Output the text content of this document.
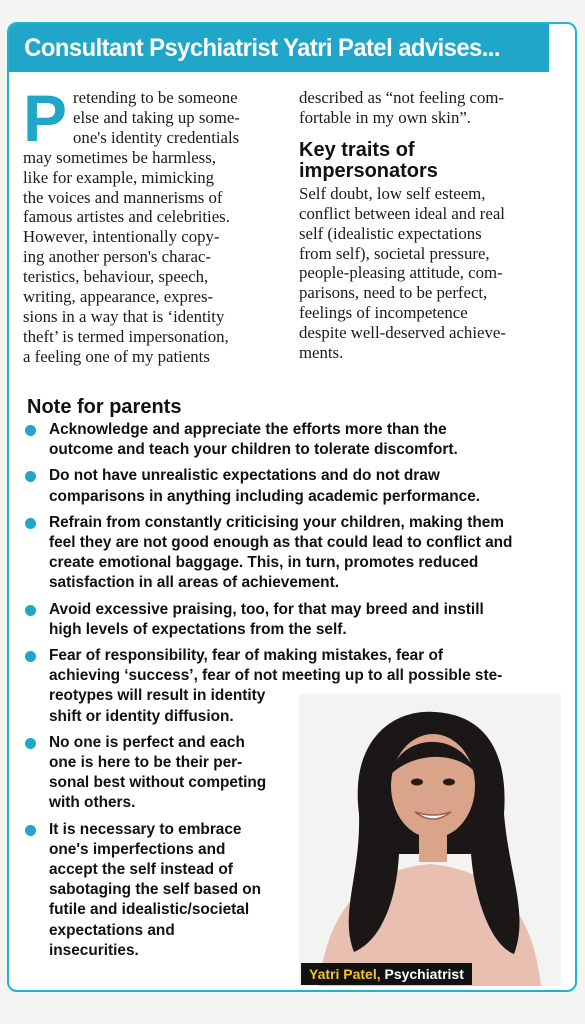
Consultant Psychiatrist Yatri Patel advises...
P retending to be someone
else and taking up some-
one's identity credentials
may sometimes be harmless,
like for example, mimicking
the voices and mannerisms of
famous artistes and celebrities.
However, intentionally copy-
ing another person's charac-
teristics, behaviour, speech,
writing, appearance, expres-
sions in a way that is ‘identity
theft’ is termed impersonation,
a feeling one of my patients
described as “not feeling com-
fortable in my own skin”.
Key traits of
impersonators
Self doubt, low self esteem,
conflict between ideal and real
self (idealistic expectations
from self), societal pressure,
people-pleasing attitude, com-
parisons, need to be perfect,
feelings of incompetence
despite well-deserved achieve-
ments.
Note for parents
Acknowledge and appreciate the efforts more than the
outcome and teach your children to tolerate discomfort.
Do not have unrealistic expectations and do not draw
comparisons in anything including academic performance.
Refrain from constantly criticising your children, making them
feel they are not good enough as that could lead to conflict and
create emotional baggage. This, in turn, promotes reduced
satisfaction in all areas of achievement.
Avoid excessive praising, too, for that may breed and instill
high levels of expectations from the self.
Fear of responsibility, fear of making mistakes, fear of
achieving ‘success’, fear of not meeting up to all possible ste-
reotypes will result in identity
shift or identity diffusion.
No one is perfect and each
one is here to be their per-
sonal best without competing
with others.
It is necessary to embrace
one's imperfections and
accept the self instead of
sabotaging the self based on
futile and idealistic/societal
expectations and
insecurities.
Yatri Patel, Psychiatrist
